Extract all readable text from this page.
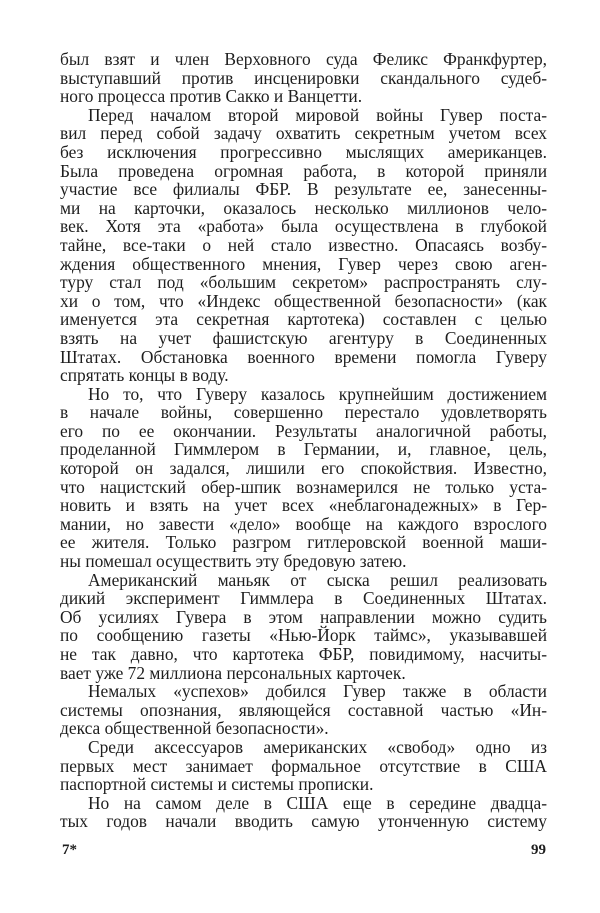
был взят и член Верховного суда Феликс Франкфуртер,
выступавший против инсценировки скандального судеб-
ного процесса против Сакко и Ванцетти.
Перед началом второй мировой войны Гувер поста-
вил перед собой задачу охватить секретным учетом всех
без исключения прогрессивно мыслящих американцев.
Была проведена огромная работа, в которой приняли
участие все филиалы ФБР. В результате ее, занесенны-
ми на карточки, оказалось несколько миллионов чело-
век. Хотя эта «работа» была осуществлена в глубокой
тайне, все-таки о ней стало известно. Опасаясь возбу-
ждения общественного мнения, Гувер через свою аген-
туру стал под «большим секретом» распространять слу-
хи о том, что «Индекс общественной безопасности» (как
именуется эта секретная картотека) составлен с целью
взять на учет фашистскую агентуру в Соединенных
Штатах. Обстановка военного времени помогла Гуверу
спрятать концы в воду.
Но то, что Гуверу казалось крупнейшим достижением
в начале войны, совершенно перестало удовлетворять
его по ее окончании. Результаты аналогичной работы,
проделанной Гиммлером в Германии, и, главное, цель,
которой он задался, лишили его спокойствия. Известно,
что нацистский обер-шпик вознамерился не только уста-
новить и взять на учет всех «неблагонадежных» в Гер-
мании, но завести «дело» вообще на каждого взрослого
ее жителя. Только разгром гитлеровской военной маши-
ны помешал осуществить эту бредовую затею.
Американский маньяк от сыска решил реализовать
дикий эксперимент Гиммлера в Соединенных Штатах.
Об усилиях Гувера в этом направлении можно судить
по сообщению газеты «Нью-Йорк таймс», указывавшей
не так давно, что картотека ФБР, повидимому, насчиты-
вает уже 72 миллиона персональных карточек.
Немалых «успехов» добился Гувер также в области
системы опознания, являющейся составной частью «Ин-
декса общественной безопасности».
Среди аксессуаров американских «свобод» одно из
первых мест занимает формальное отсутствие в США
паспортной системы и системы прописки.
Но на самом деле в США еще в середине двадца-
тых годов начали вводить самую утонченную систему
7*	99
